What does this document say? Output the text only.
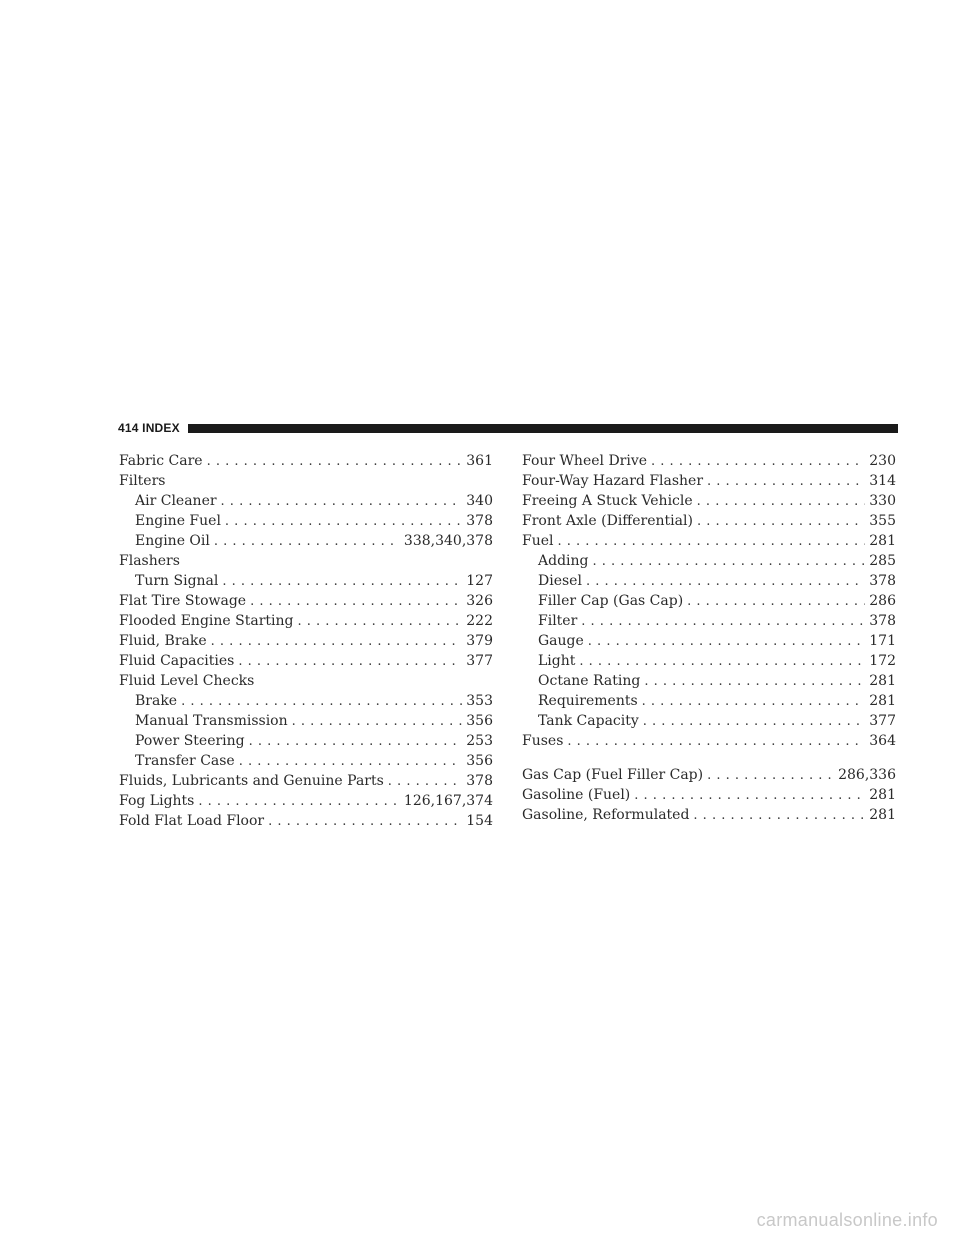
414 INDEX
Fabric Care . . .	361
Filters
Air Cleaner . . .	340
Engine Fuel . . .	378
Engine Oil . . .	338,340,378
Flashers
Turn Signal . . .	127
Flat Tire Stowage . . .	326
Flooded Engine Starting . . .	222
Fluid, Brake . . .	379
Fluid Capacities . . .	377
Fluid Level Checks
Brake . . .	353
Manual Transmission . . .	356
Power Steering . . .	253
Transfer Case . . .	356
Fluids, Lubricants and Genuine Parts . . .	378
Fog Lights . . .	126,167,374
Fold Flat Load Floor . . .	154
Four Wheel Drive . . .	230
Four-Way Hazard Flasher . . .	314
Freeing A Stuck Vehicle . . .	330
Front Axle (Differential) . . .	355
Fuel . . .	281
Adding . . .	285
Diesel . . .	378
Filler Cap (Gas Cap) . . .	286
Filter . . .	378
Gauge . . .	171
Light . . .	172
Octane Rating . . .	281
Requirements . . .	281
Tank Capacity . . .	377
Fuses . . .	364
Gas Cap (Fuel Filler Cap) . . .	286,336
Gasoline (Fuel) . . .	281
Gasoline, Reformulated . . .	281
carmanualsonline.info
